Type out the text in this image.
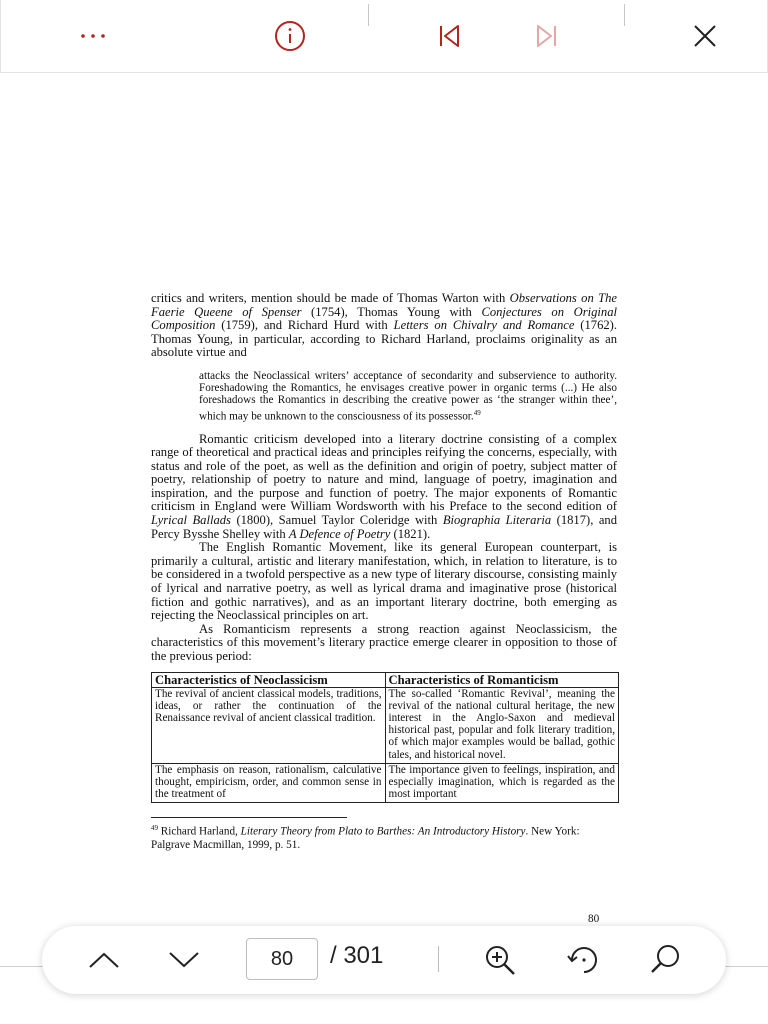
critics and writers, mention should be made of Thomas Warton with Observations on The Faerie Queene of Spenser (1754), Thomas Young with Conjectures on Original Composition (1759), and Richard Hurd with Letters on Chivalry and Romance (1762). Thomas Young, in particular, according to Richard Harland, proclaims originality as an absolute virtue and

attacks the Neoclassical writers’ acceptance of secondarity and subservience to authority. Foreshadowing the Romantics, he envisages creative power in organic terms (...) He also foreshadows the Romantics in describing the creative power as ‘the stranger within thee’, which may be unknown to the consciousness of its possessor.$^{49}$

Romantic criticism developed into a literary doctrine consisting of a complex range of theoretical and practical ideas and principles reifying the concerns, especially, with status and role of the poet, as well as the definition and origin of poetry, subject matter of poetry, relationship of poetry to nature and mind, language of poetry, imagination and inspiration, and the purpose and function of poetry. The major exponents of Romantic criticism in England were William Wordsworth with his Preface to the second edition of Lyrical Ballads (1800), Samuel Taylor Coleridge with Biographia Literaria (1817), and Percy Bysshe Shelley with A Defence of Poetry (1821).

The English Romantic Movement, like its general European counterpart, is primarily a cultural, artistic and literary manifestation, which, in relation to literature, is to be considered in a twofold perspective as a new type of literary discourse, consisting mainly of lyrical and narrative poetry, as well as lyrical drama and imaginative prose (historical fiction and gothic narratives), and as an important literary doctrine, both emerging as rejecting the Neoclassical principles on art.

As Romanticism represents a strong reaction against Neoclassicism, the characteristics of this movement’s literary practice emerge clearer in opposition to those of the previous period:

Characteristics of Neoclassicism	Characteristics of Romanticism
The revival of ancient classical models, traditions, ideas, or rather the continuation of the Renaissance revival of ancient classical tradition.	The so-called ‘Romantic Revival’, meaning the revival of the national cultural heritage, the new interest in the Anglo-Saxon and medieval historical past, popular and folk literary tradition, of which major examples would be ballad, gothic tales, and historical novel.
The emphasis on reason, rationalism, calculative thought, empiricism, order, and common sense in the treatment of	The importance given to feelings, inspiration, and especially imagination, which is regarded as the most important
$^{49}$ Richard Harland, Literary Theory from Plato to Barthes: An Introductory History. New York: Palgrave Macmillan, 1999, p. 51.
80
80	/ 301
